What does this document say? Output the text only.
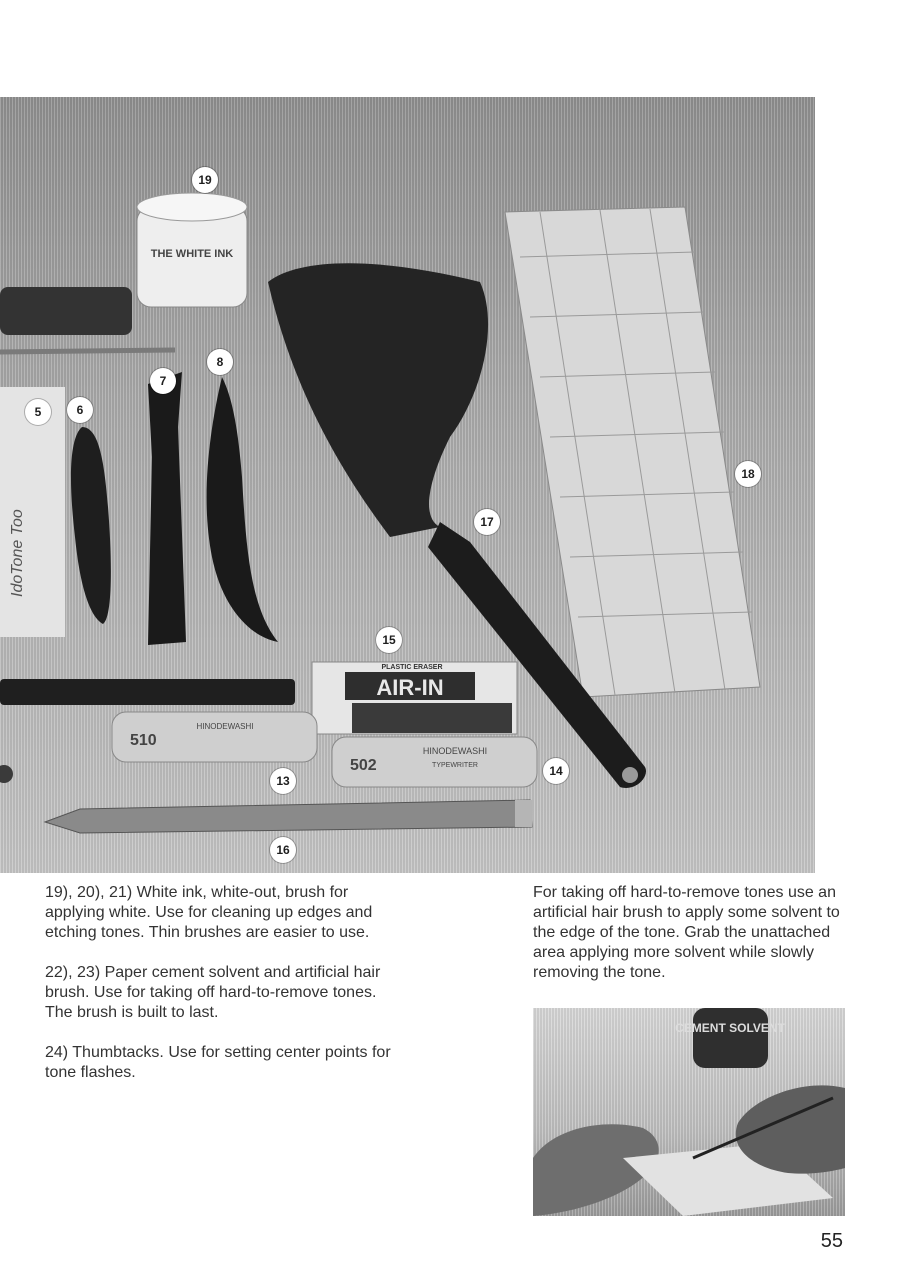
THE WHITE INK
IdoTone Too
PLASTIC ERASER
AIR-IN
510
HINODEWASHI
502
HINODEWASHI
TYPEWRITER
19
8
7
5	6
18
17
15
14
13
16

19), 20), 21) White ink, white-out, brush for applying white. Use for cleaning up edges and etching tones. Thin brushes are easier to use.

22), 23) Paper cement solvent and artificial hair brush. Use for taking off hard-to-remove tones. The brush is built to last.

24) Thumbtacks. Use for setting center points for tone flashes.

For taking off hard-to-remove tones use an artificial hair brush to apply some solvent to the edge of the tone. Grab the unattached area applying more solvent while slowly removing the tone.

CEMENT SOLVENT
55
